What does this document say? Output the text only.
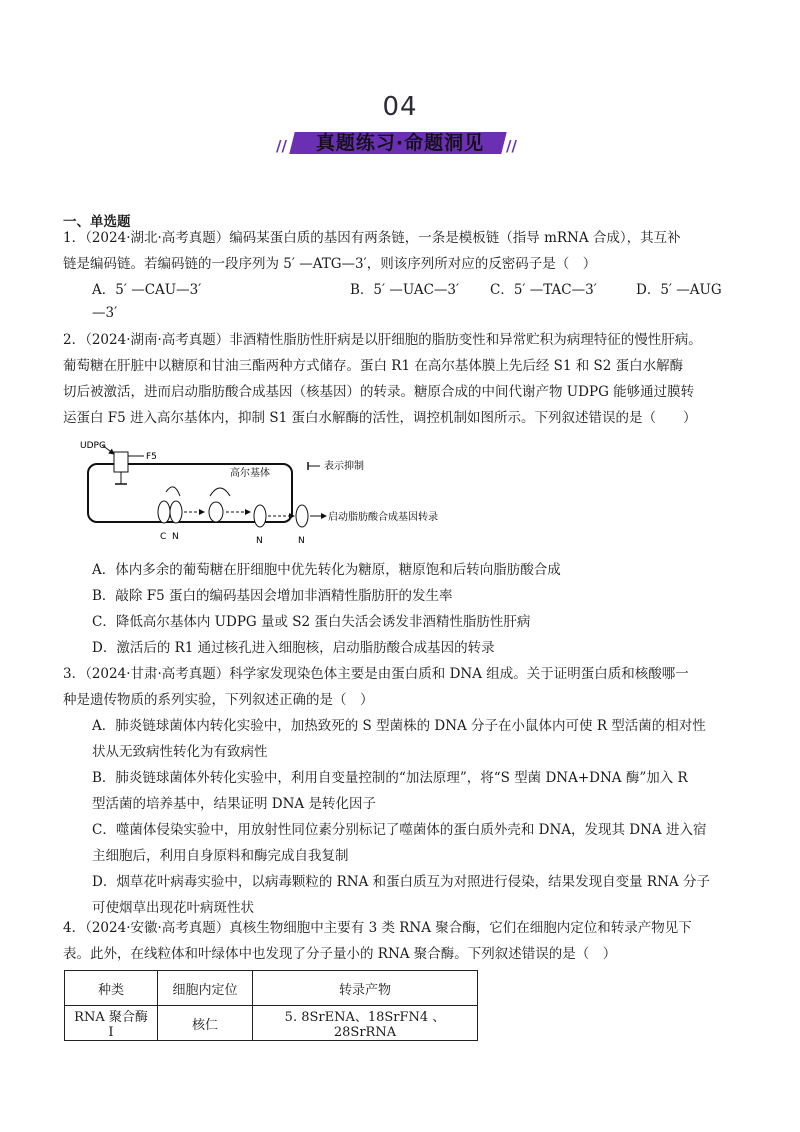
04
//	//
真题练习·命题洞见
一、单选题
1．（2024·湖北·高考真题）编码某蛋白质的基因有两条链，一条是模板链（指导 mRNA 合成），其互补
链是编码链。若编码链的一段序列为 5′ —ATG—3′，则该序列所对应的反密码子是（　）
A．5′ —CAU—3′	B．5′ —UAC—3′ C．5′ —TAC—3′	D．5′ —AUG
—3′
2．（2024·湖南·高考真题）非酒精性脂肪性肝病是以肝细胞的脂肪变性和异常贮积为病理特征的慢性肝病。
葡萄糖在肝脏中以糖原和甘油三酯两种方式储存。蛋白 R1 在高尔基体膜上先后经 S1 和 S2 蛋白水解酶
切后被激活，进而启动脂肪酸合成基因（核基因）的转录。糖原合成的中间代谢产物 UDPG 能够通过膜转
运蛋白 F5 进入高尔基体内，抑制 S1 蛋白水解酶的活性，调控机制如图所示。下列叙述错误的是（　　）
UDPG
F5
高尔基体
表示抑制
C N	N	N
启动脂肪酸合成基因转录
A．体内多余的葡萄糖在肝细胞中优先转化为糖原，糖原饱和后转向脂肪酸合成
B．敲除 F5 蛋白的编码基因会增加非酒精性脂肪肝的发生率
C．降低高尔基体内 UDPG 量或 S2 蛋白失活会诱发非酒精性脂肪性肝病
D．激活后的 R1 通过核孔进入细胞核，启动脂肪酸合成基因的转录
3．（2024·甘肃·高考真题）科学家发现染色体主要是由蛋白质和 DNA 组成。关于证明蛋白质和核酸哪一
种是遗传物质的系列实验，下列叙述正确的是（　）
A．肺炎链球菌体内转化实验中，加热致死的 S 型菌株的 DNA 分子在小鼠体内可使 R 型活菌的相对性
状从无致病性转化为有致病性
B．肺炎链球菌体外转化实验中，利用自变量控制的“加法原理”，将“S 型菌 DNA+DNA 酶”加入 R
型活菌的培养基中，结果证明 DNA 是转化因子
C．噬菌体侵染实验中，用放射性同位素分别标记了噬菌体的蛋白质外壳和 DNA，发现其 DNA 进入宿
主细胞后，利用自身原料和酶完成自我复制
D．烟草花叶病毒实验中，以病毒颗粒的 RNA 和蛋白质互为对照进行侵染，结果发现自变量 RNA 分子
可使烟草出现花叶病斑性状
4．（2024·安徽·高考真题）真核生物细胞中主要有 3 类 RNA 聚合酶，它们在细胞内定位和转录产物见下
表。此外，在线粒体和叶绿体中也发现了分子量小的 RNA 聚合酶。下列叙述错误的是（　）
种类	细胞内定位	转录产物
RNA 聚合酶 I	核仁	5. 8SrENA、18SrFN4 、28SrRNA
